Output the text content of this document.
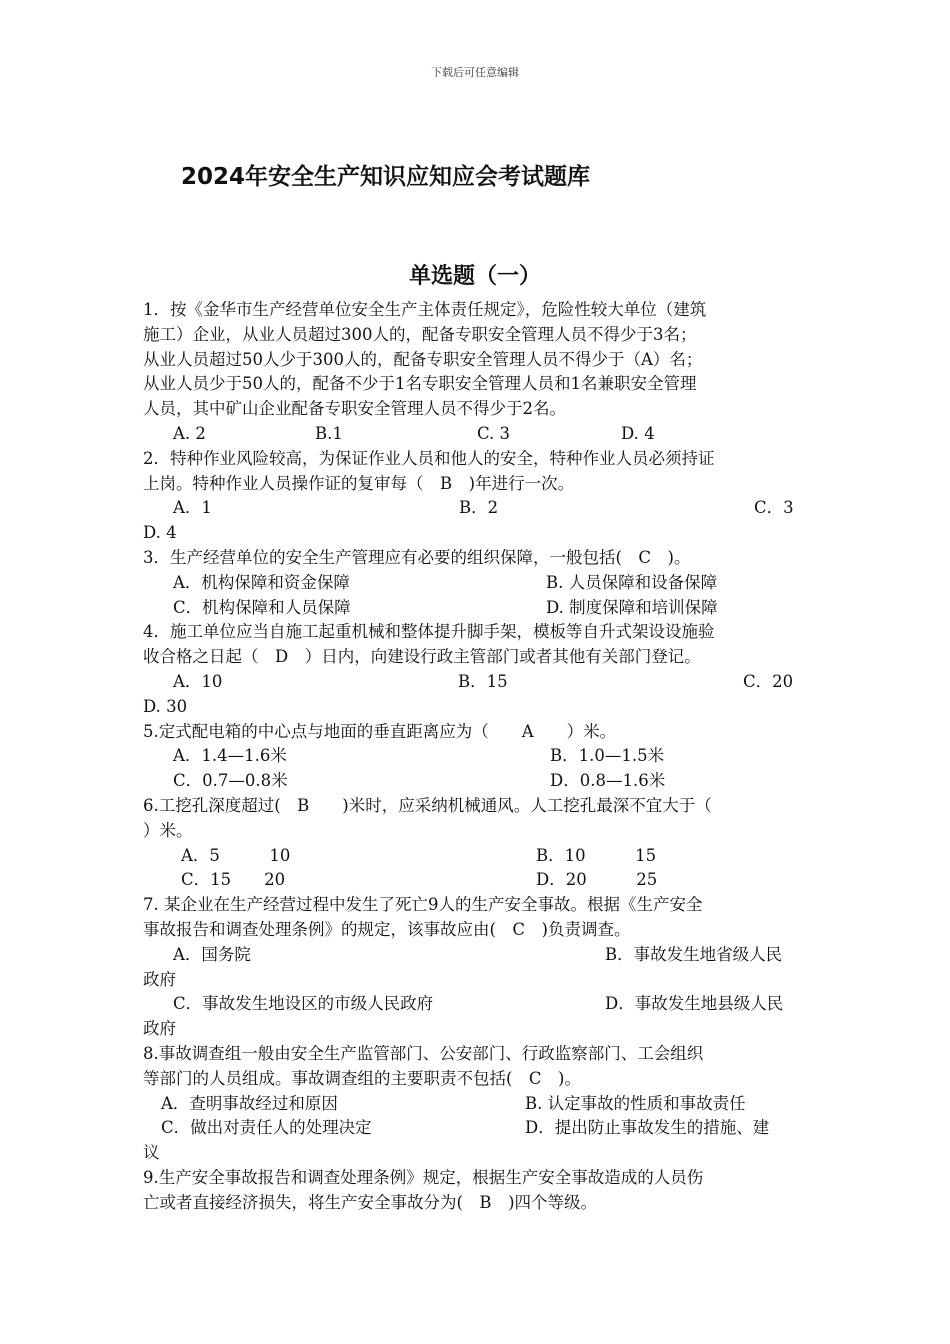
下载后可任意编辑
2024年安全生产知识应知应会考试题库
单选题（一）
1．按《金华市生产经营单位安全生产主体责任规定》，危险性较大单位（建筑
施工）企业，从业人员超过300人的，配备专职安全管理人员不得少于3名；
从业人员超过50人少于300人的，配备专职安全管理人员不得少于（A）名；
从业人员少于50人的，配备不少于1名专职安全管理人员和1名兼职安全管理
人员，其中矿山企业配备专职安全管理人员不得少于2名。
A. 2	B.1	C. 3	D. 4
2．特种作业风险较高，为保证作业人员和他人的安全，特种作业人员必须持证
上岗。特种作业人员操作证的复审每（　B　)年进行一次。
A．1	B．2	C．3
D. 4
3．生产经营单位的安全生产管理应有必要的组织保障，一般包括(　C　)。
A．机构保障和资金保障	B. 人员保障和设备保障
C．机构保障和人员保障	D. 制度保障和培训保障
4．施工单位应当自施工起重机械和整体提升脚手架，模板等自升式架设设施验
收合格之日起（　D　）日内，向建设行政主管部门或者其他有关部门登记。
A．10	B．15	C．20
D. 30
5.定式配电箱的中心点与地面的垂直距离应为（　　A　　）米。
A．1.4—1.6米	B．1.0—1.5米
C．0.7—0.8米	D．0.8—1.6米
6.工挖孔深度超过(　B　　)米时，应采纳机械通风。人工挖孔最深不宜大于（
）米。
A．5　　　10	B．10　　　15
C．15　　20	D．20　　　25
7. 某企业在生产经营过程中发生了死亡9人的生产安全事故。根据《生产安全
事故报告和调查处理条例》的规定，该事故应由(　C　)负责调查。
A．国务院	B．事故发生地省级人民
政府
C．事故发生地设区的市级人民政府	D．事故发生地县级人民
政府
8.事故调查组一般由安全生产监管部门、公安部门、行政监察部门、工会组织
等部门的人员组成。事故调查组的主要职责不包括(　C　)。
A．查明事故经过和原因	B. 认定事故的性质和事故责任
C．做出对责任人的处理决定	D．提出防止事故发生的措施、建
议
9.生产安全事故报告和调查处理条例》规定，根据生产安全事故造成的人员伤
亡或者直接经济损失，将生产安全事故分为(　B　)四个等级。
